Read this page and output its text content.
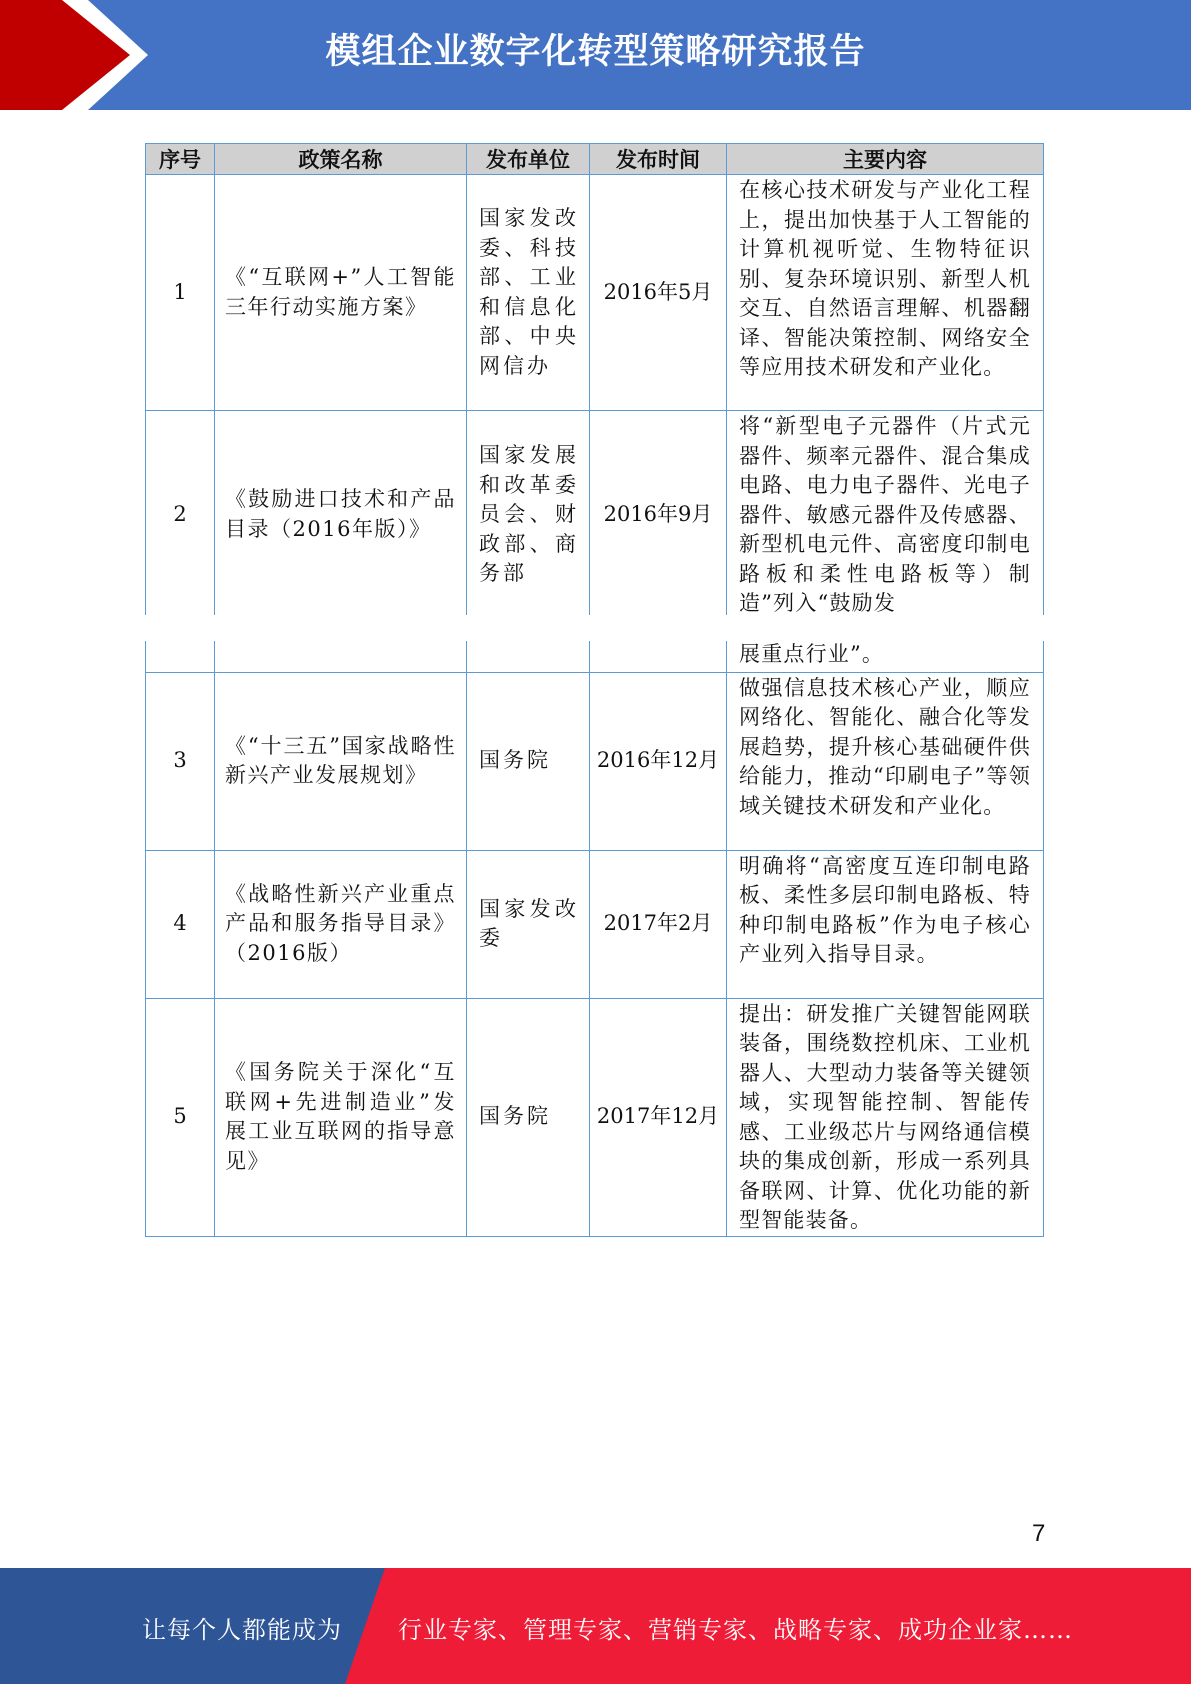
模组企业数字化转型策略研究报告
序号	政策名称	发布单位	发布时间	主要内容
1	《“互联网+”人工智能三年行动实施方案》	国家发改委、科技部、工业和信息化部、中央网信办	2016年5月	在核心技术研发与产业化工程上，提出加快基于人工智能的计算机视听觉、生物特征识别、复杂环境识别、新型人机交互、自然语言理解、机器翻译、智能决策控制、网络安全等应用技术研发和产业化。
2	《鼓励进口技术和产品目录（2016年版）》	国家发展和改革委员会、财政部、商务部	2016年9月	将“新型电子元器件（片式元器件、频率元器件、混合集成电路、电力电子器件、光电子器件、敏感元器件及传感器、新型机电元件、高密度印制电路板和柔性电路板等）制造”列入“鼓励发
				展重点行业”。
3	《“十三五”国家战略性新兴产业发展规划》	国务院	2016年12月	做强信息技术核心产业，顺应网络化、智能化、融合化等发展趋势，提升核心基础硬件供给能力，推动“印刷电子”等领域关键技术研发和产业化。
4	《战略性新兴产业重点产品和服务指导目录》（2016版）	国家发改委	2017年2月	明确将“高密度互连印制电路板、柔性多层印制电路板、特种印制电路板”作为电子核心产业列入指导目录。
5	《国务院关于深化“互联网+先进制造业”发展工业互联网的指导意见》	国务院	2017年12月	提出：研发推广关键智能网联装备，围绕数控机床、工业机器人、大型动力装备等关键领域，实现智能控制、智能传感、工业级芯片与网络通信模块的集成创新，形成一系列具备联网、计算、优化功能的新型智能装备。
7
让每个人都能成为 行业专家、管理专家、营销专家、战略专家、成功企业家……
